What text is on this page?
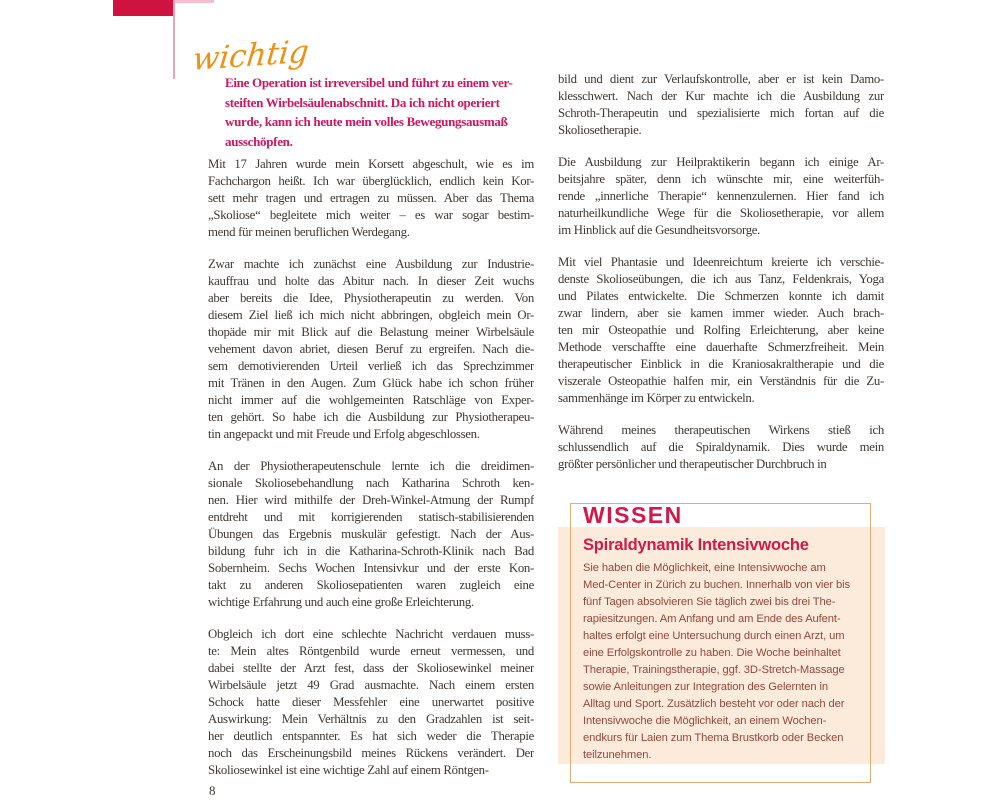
wichtig
Eine Operation ist irreversibel und führt zu einem ver-
steiften Wirbelsäulenabschnitt. Da ich nicht operiert
wurde, kann ich heute mein volles Bewegungsausmaß
ausschöpfen.
Mit 17 Jahren wurde mein Korsett abgeschult, wie es im
Fachchargon heißt. Ich war überglücklich, endlich kein Kor-
sett mehr tragen und ertragen zu müssen. Aber das Thema
„Skoliose“ begleitete mich weiter – es war sogar bestim-
mend für meinen beruflichen Werdegang.
Zwar machte ich zunächst eine Ausbildung zur Industrie-
kauffrau und holte das Abitur nach. In dieser Zeit wuchs
aber bereits die Idee, Physiotherapeutin zu werden. Von
diesem Ziel ließ ich mich nicht abbringen, obgleich mein Or-
thopäde mir mit Blick auf die Belastung meiner Wirbelsäule
vehement davon abriet, diesen Beruf zu ergreifen. Nach die-
sem demotivierenden Urteil verließ ich das Sprechzimmer
mit Tränen in den Augen. Zum Glück habe ich schon früher
nicht immer auf die wohlgemeinten Ratschläge von Exper-
ten gehört. So habe ich die Ausbildung zur Physiotherapeu-
tin angepackt und mit Freude und Erfolg abgeschlossen.
An der Physiotherapeutenschule lernte ich die dreidimen-
sionale Skoliosebehandlung nach Katharina Schroth ken-
nen. Hier wird mithilfe der Dreh-Winkel-Atmung der Rumpf
entdreht und mit korrigierenden statisch-stabilisierenden
Übungen das Ergebnis muskulär gefestigt. Nach der Aus-
bildung fuhr ich in die Katharina-Schroth-Klinik nach Bad
Sobernheim. Sechs Wochen Intensivkur und der erste Kon-
takt zu anderen Skoliosepatienten waren zugleich eine
wichtige Erfahrung und auch eine große Erleichterung.
Obgleich ich dort eine schlechte Nachricht verdauen muss-
te: Mein altes Röntgenbild wurde erneut vermessen, und
dabei stellte der Arzt fest, dass der Skoliosewinkel meiner
Wirbelsäule jetzt 49 Grad ausmachte. Nach einem ersten
Schock hatte dieser Messfehler eine unerwartet positive
Auswirkung: Mein Verhältnis zu den Gradzahlen ist seit-
her deutlich entspannter. Es hat sich weder die Therapie
noch das Erscheinungsbild meines Rückens verändert. Der
Skoliosewinkel ist eine wichtige Zahl auf einem Röntgen-
bild und dient zur Verlaufskontrolle, aber er ist kein Damo-
klesschwert. Nach der Kur machte ich die Ausbildung zur
Schroth-Therapeutin und spezialisierte mich fortan auf die
Skoliosetherapie.
Die Ausbildung zur Heilpraktikerin begann ich einige Ar-
beitsjahre später, denn ich wünschte mir, eine weiterfüh-
rende „innerliche Therapie“ kennenzulernen. Hier fand ich
naturheilkundliche Wege für die Skoliosetherapie, vor allem
im Hinblick auf die Gesundheitsvorsorge.
Mit viel Phantasie und Ideenreichtum kreierte ich verschie-
denste Skolioseübungen, die ich aus Tanz, Feldenkrais, Yoga
und Pilates entwickelte. Die Schmerzen konnte ich damit
zwar lindern, aber sie kamen immer wieder. Auch brach-
ten mir Osteopathie und Rolfing Erleichterung, aber keine
Methode verschaffte eine dauerhafte Schmerzfreiheit. Mein
therapeutischer Einblick in die Kraniosakraltherapie und die
viszerale Osteopathie halfen mir, ein Verständnis für die Zu-
sammenhänge im Körper zu entwickeln.
Während meines therapeutischen Wirkens stieß ich
schlussendlich auf die Spiraldynamik. Dies wurde mein
größter persönlicher und therapeutischer Durchbruch in
WISSEN
Spiraldynamik Intensivwoche
Sie haben die Möglichkeit, eine Intensivwoche am
Med-Center in Zürich zu buchen. Innerhalb von vier bis
fünf Tagen absolvieren Sie täglich zwei bis drei The-
rapiesitzungen. Am Anfang und am Ende des Aufent-
haltes erfolgt eine Untersuchung durch einen Arzt, um
eine Erfolgskontrolle zu haben. Die Woche beinhaltet
Therapie, Trainingstherapie, ggf. 3D-Stretch-Massage
sowie Anleitungen zur Integration des Gelernten in
Alltag und Sport. Zusätzlich besteht vor oder nach der
Intensivwoche die Möglichkeit, an einem Wochen-
endkurs für Laien zum Thema Brustkorb oder Becken
teilzunehmen.
8
